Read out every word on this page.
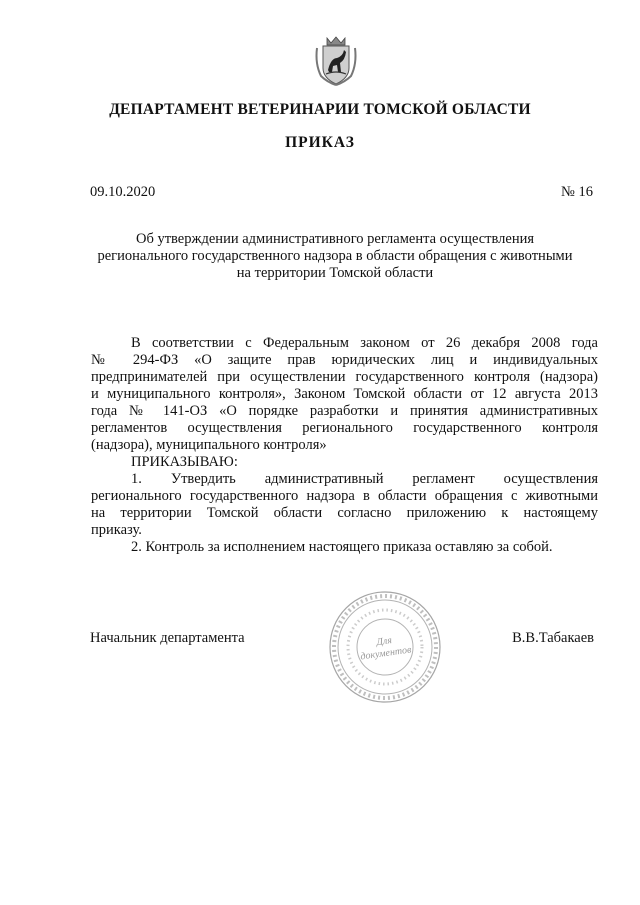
ДЕПАРТАМЕНТ ВЕТЕРИНАРИИ ТОМСКОЙ ОБЛАСТИ
ПРИКАЗ
09.10.2020	№ 16
Об утверждении административного регламента осуществления
регионального государственного надзора в области обращения с животными
на территории Томской области
В соответствии с Федеральным законом от 26 декабря 2008 года
№ 294-ФЗ «О защите прав юридических лиц и индивидуальных
предпринимателей при осуществлении государственного контроля (надзора)
и муниципального контроля», Законом Томской области от 12 августа 2013
года № 141-ОЗ «О порядке разработки и принятия административных
регламентов осуществления регионального государственного контроля
(надзора), муниципального контроля»
ПРИКАЗЫВАЮ:
1. Утвердить административный регламент осуществления
регионального государственного надзора в области обращения с животными
на территории Томской области согласно приложению к настоящему
приказу.
2. Контроль за исполнением настоящего приказа оставляю за собой.
Начальник департамента	В.В.Табакаев
Для
документов
